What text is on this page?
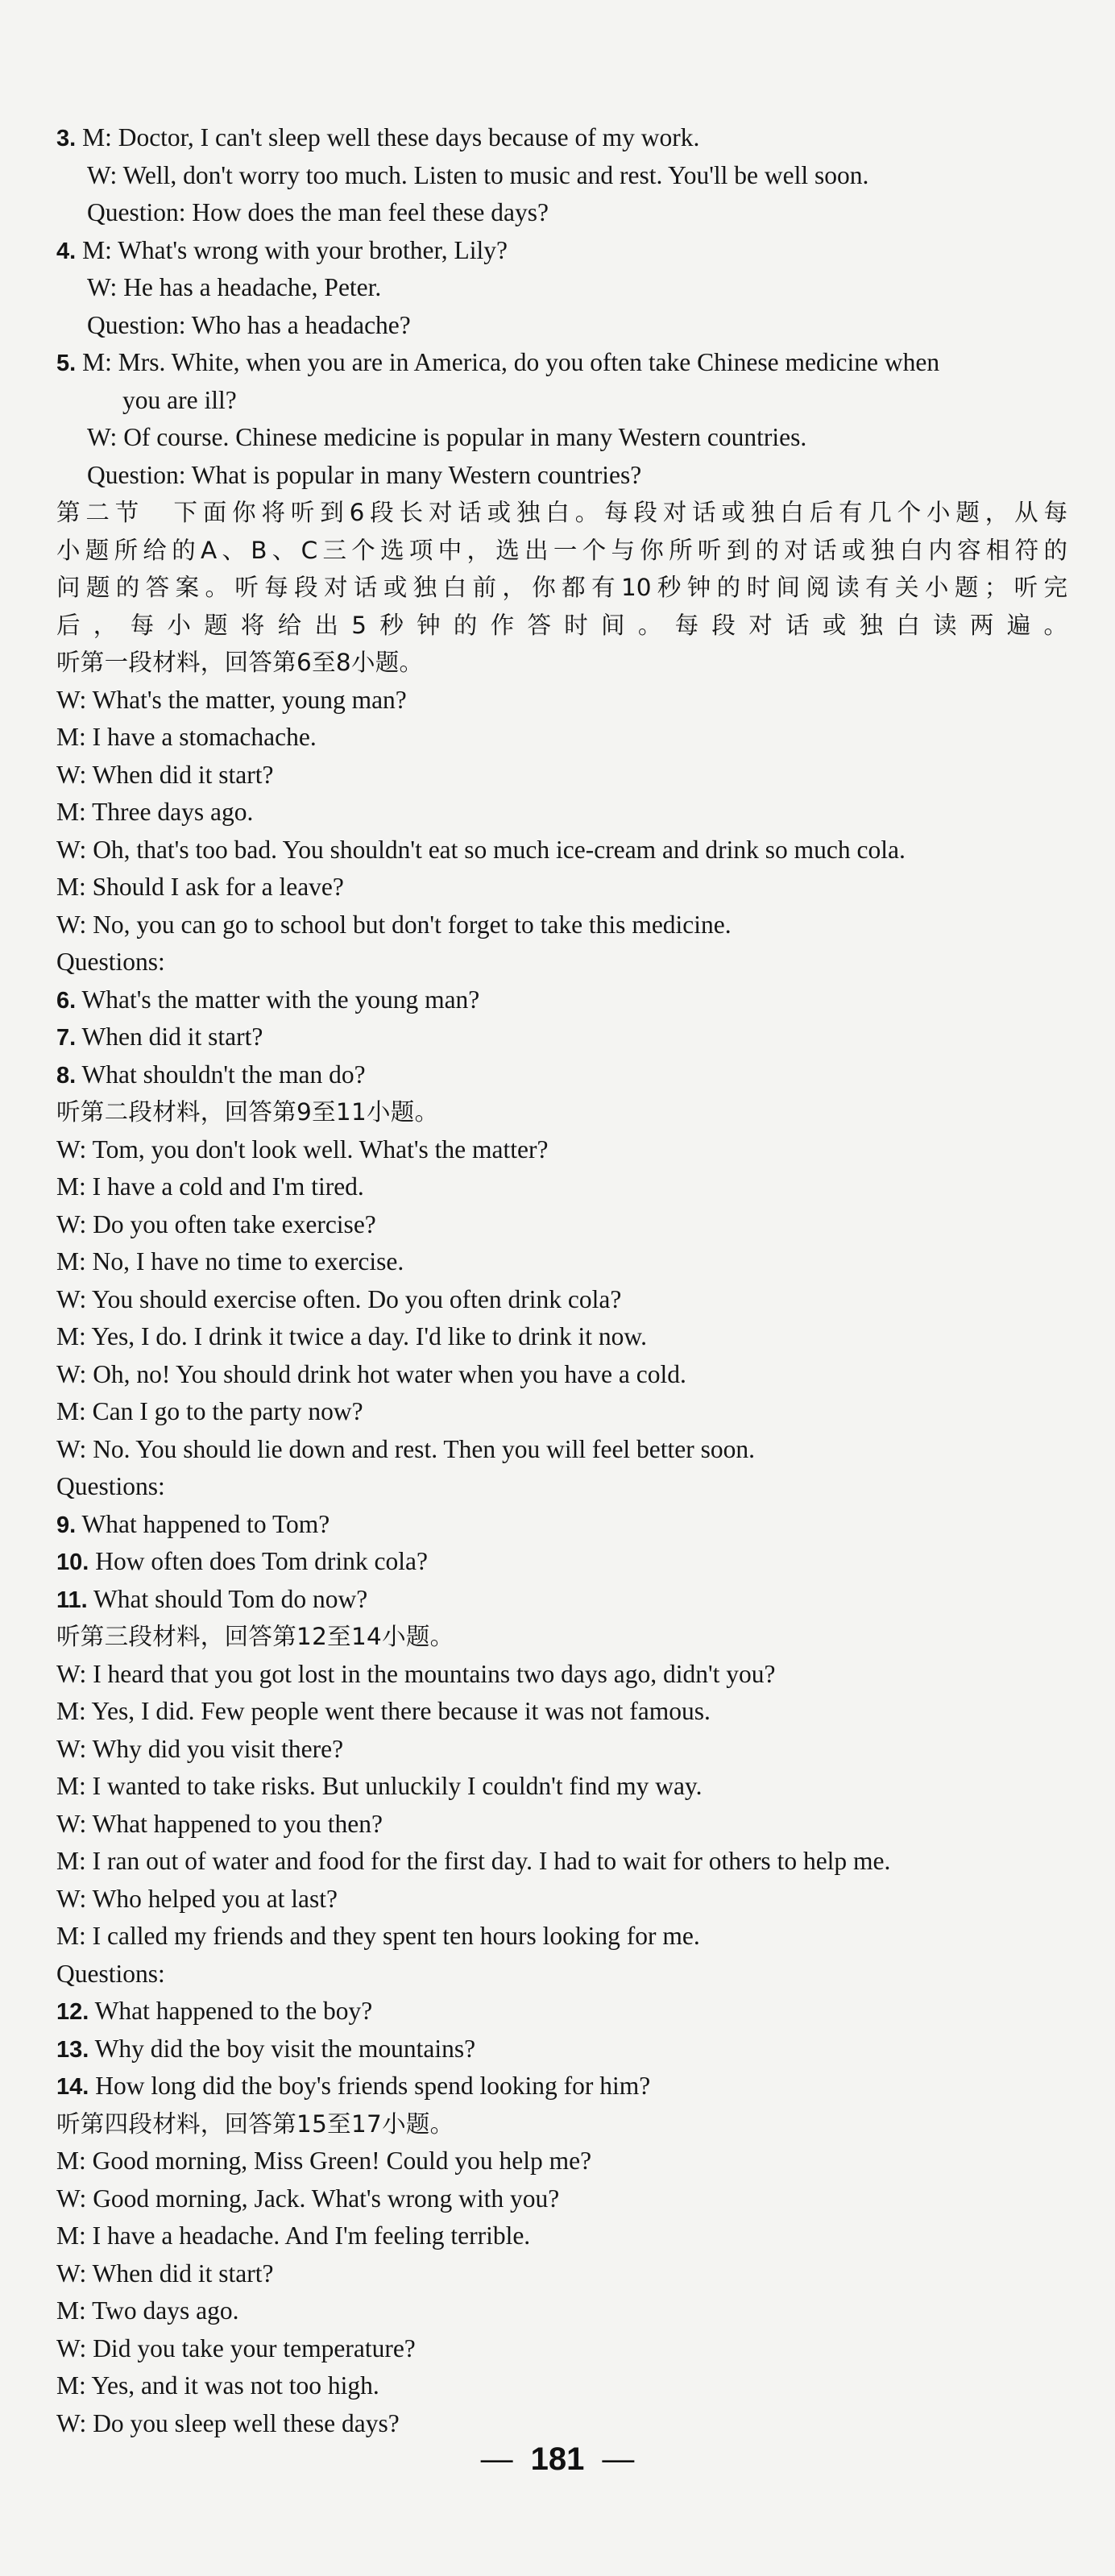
3. M: Doctor, I can't sleep well these days because of my work.
W: Well, don't worry too much. Listen to music and rest. You'll be well soon.
Question: How does the man feel these days?
4. M: What's wrong with your brother, Lily?
W: He has a headache, Peter.
Question: Who has a headache?
5. M: Mrs. White, when you are in America, do you often take Chinese medicine when
you are ill?
W: Of course. Chinese medicine is popular in many Western countries.
Question: What is popular in many Western countries?
第二节　下面你将听到6段长对话或独白。每段对话或独白后有几个小题，从每
小题所给的A、B、C三个选项中，选出一个与你所听到的对话或独白内容相符的
问题的答案。听每段对话或独白前，你都有10秒钟的时间阅读有关小题；听完
后，每小题将给出5秒钟的作答时间。每段对话或独白读两遍。
听第一段材料，回答第6至8小题。
W: What's the matter, young man?
M: I have a stomachache.
W: When did it start?
M: Three days ago.
W: Oh, that's too bad. You shouldn't eat so much ice-cream and drink so much cola.
M: Should I ask for a leave?
W: No, you can go to school but don't forget to take this medicine.
Questions:
6. What's the matter with the young man?
7. When did it start?
8. What shouldn't the man do?
听第二段材料，回答第9至11小题。
W: Tom, you don't look well. What's the matter?
M: I have a cold and I'm tired.
W: Do you often take exercise?
M: No, I have no time to exercise.
W: You should exercise often. Do you often drink cola?
M: Yes, I do. I drink it twice a day. I'd like to drink it now.
W: Oh, no! You should drink hot water when you have a cold.
M: Can I go to the party now?
W: No. You should lie down and rest. Then you will feel better soon.
Questions:
9. What happened to Tom?
10. How often does Tom drink cola?
11. What should Tom do now?
听第三段材料，回答第12至14小题。
W: I heard that you got lost in the mountains two days ago, didn't you?
M: Yes, I did. Few people went there because it was not famous.
W: Why did you visit there?
M: I wanted to take risks. But unluckily I couldn't find my way.
W: What happened to you then?
M: I ran out of water and food for the first day. I had to wait for others to help me.
W: Who helped you at last?
M: I called my friends and they spent ten hours looking for me.
Questions:
12. What happened to the boy?
13. Why did the boy visit the mountains?
14. How long did the boy's friends spend looking for him?
听第四段材料，回答第15至17小题。
M: Good morning, Miss Green! Could you help me?
W: Good morning, Jack. What's wrong with you?
M: I have a headache. And I'm feeling terrible.
W: When did it start?
M: Two days ago.
W: Did you take your temperature?
M: Yes, and it was not too high.
W: Do you sleep well these days?
— 181 —
